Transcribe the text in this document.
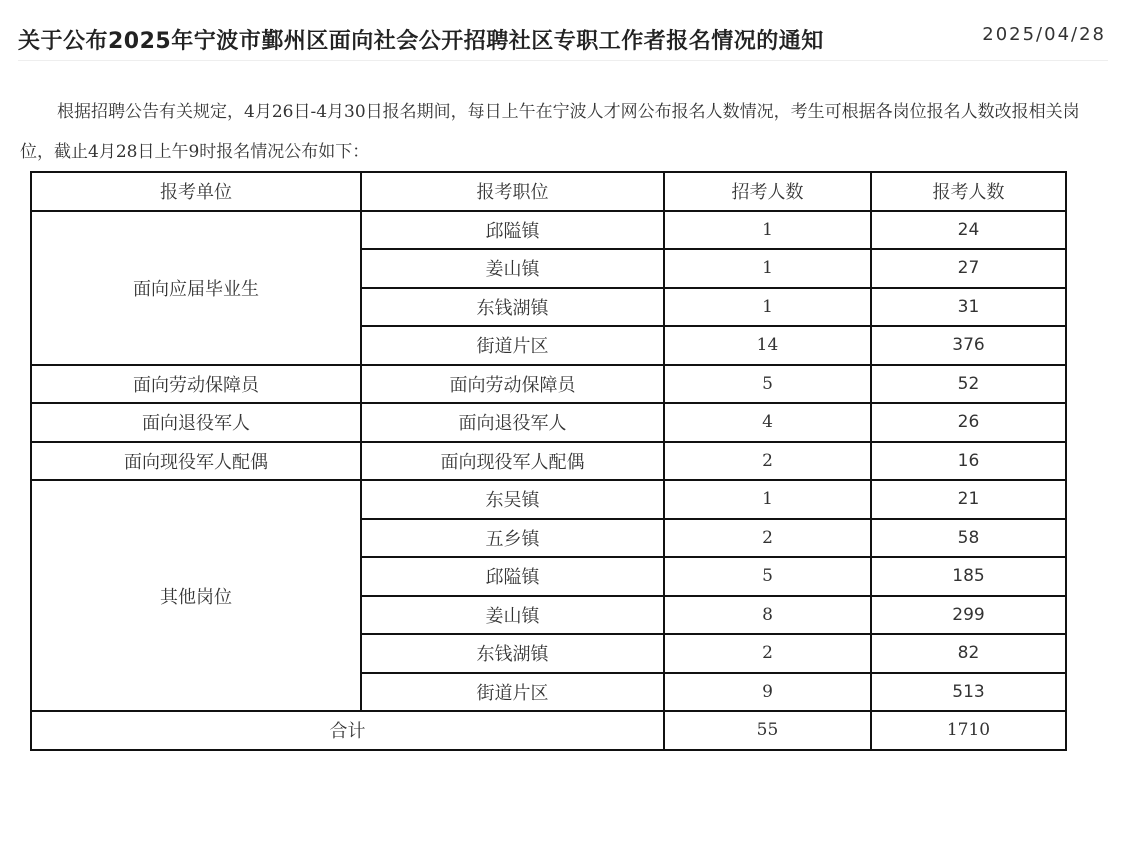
关于公布2025年宁波市鄞州区面向社会公开招聘社区专职工作者报名情况的通知	2025/04/28

根据招聘公告有关规定，4月26日-4月30日报名期间，每日上午在宁波人才网公布报名人数情况，考生可根据各岗位报名人数改报相关岗位，截止4月28日上午9时报名情况公布如下：

报考单位	报考职位	招考人数	报考人数
面向应届毕业生	邱隘镇	1	24
	姜山镇	1	27
	东钱湖镇	1	31
	街道片区	14	376
面向劳动保障员	面向劳动保障员	5	52
面向退役军人	面向退役军人	4	26
面向现役军人配偶	面向现役军人配偶	2	16
其他岗位	东吴镇	1	21
	五乡镇	2	58
	邱隘镇	5	185
	姜山镇	8	299
	东钱湖镇	2	82
	街道片区	9	513
合计		55	1710
